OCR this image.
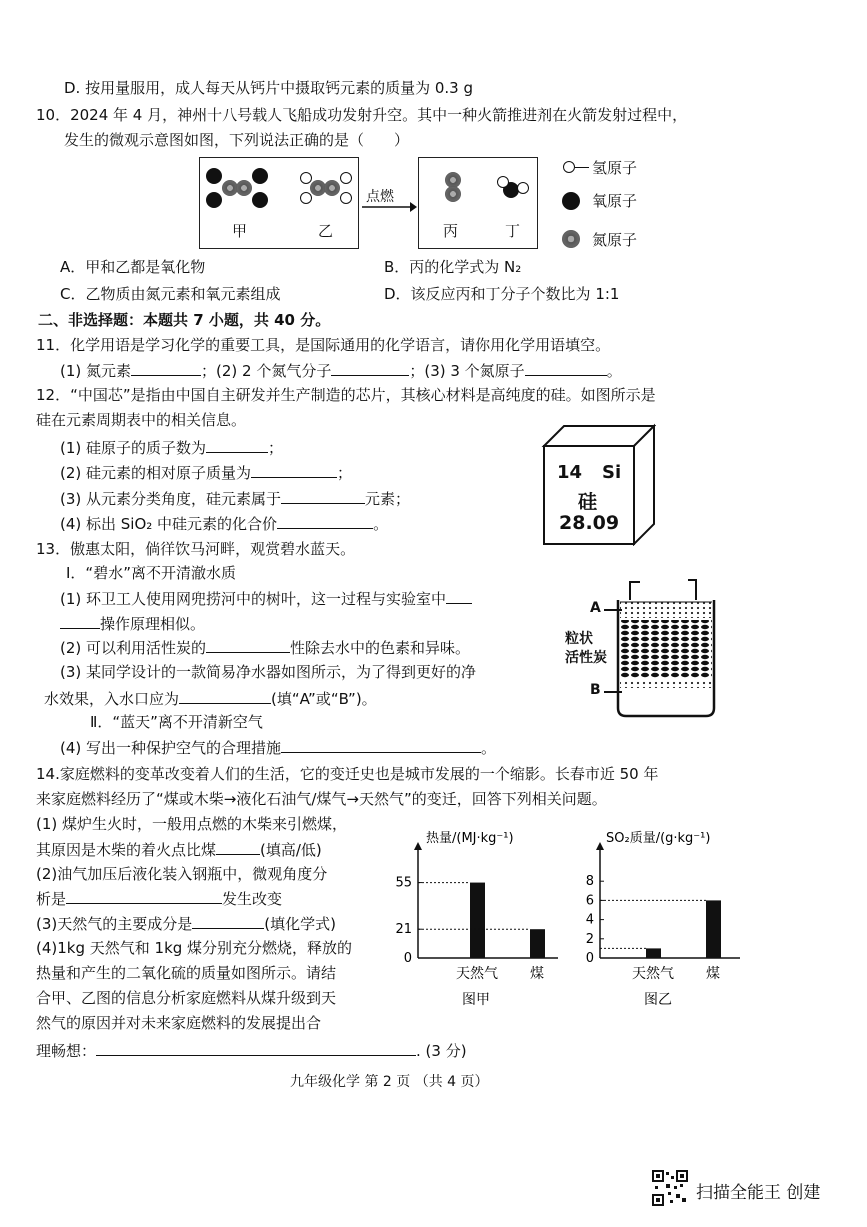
D. 按用量服用，成人每天从钙片中摄取钙元素的质量为 0.3 g
10．2024 年 4 月，神州十八号载人飞船成功发射升空。其中一种火箭推进剂在火箭发射过程中，
发生的微观示意图如图，下列说法正确的是（　　）
甲	乙
点燃
丙	丁
氢原子
氧原子
氮原子
A．甲和乙都是氧化物	B．丙的化学式为 N₂
C．乙物质由氮元素和氧元素组成	D．该反应丙和丁分子个数比为 1:1
二、非选择题：本题共 7 小题，共 40 分。
11．化学用语是学习化学的重要工具，是国际通用的化学语言，请你用化学用语填空。
(1) 氮元素	；(2) 2 个氮气分子	；(3) 3 个氮原子	。
12．“中国芯”是指由中国自主研发并生产制造的芯片，其核心材料是高纯度的硅。如图所示是
硅在元素周期表中的相关信息。
(1) 硅原子的质子数为	；
(2) 硅元素的相对原子质量为	；
(3) 从元素分类角度，硅元素属于	元素；
(4) 标出 SiO₂ 中硅元素的化合价	。
14 Si
硅
28.09
13．傲惠太阳，倘徉饮马河畔，观赏碧水蓝天。
Ⅰ．“碧水”离不开清澈水质
(1) 环卫工人使用网兜捞河中的树叶，这一过程与实验室中
操作原理相似。
(2) 可以利用活性炭的	性除去水中的色素和异味。
(3) 某同学设计的一款简易净水器如图所示，为了得到更好的净
水效果，入水口应为	(填“A”或“B”)。
Ⅱ．“蓝天”离不开清新空气
(4) 写出一种保护空气的合理措施	。
A
B
粒状
活性炭
14.家庭燃料的变革改变着人们的生活，它的变迁史也是城市发展的一个缩影。长春市近 50 年
来家庭燃料经历了“煤或木柴→液化石油气/煤气→天然气”的变迁，回答下列相关问题。
(1) 煤炉生火时，一般用点燃的木柴来引燃煤，
其原因是木柴的着火点比煤	(填高/低)
(2)油气加压后液化装入钢瓶中，微观角度分
析是	发生改变
(3)天然气的主要成分是	(填化学式)
(4)1kg 天然气和 1kg 煤分别充分燃烧，释放的
热量和产生的二氧化硫的质量如图所示。请结
合甲、乙图的信息分析家庭燃料从煤升级到天
然气的原因并对未来家庭燃料的发展提出合
理畅想：	. (3 分)
热量/(MJ·kg⁻¹)
0
21
55
天然气 煤
图甲
SO₂质量/(g·kg⁻¹)
0
2
4
6
8
天然气 煤
图乙
九年级化学 第 2 页 （共 4 页）
扫描全能王 创建
